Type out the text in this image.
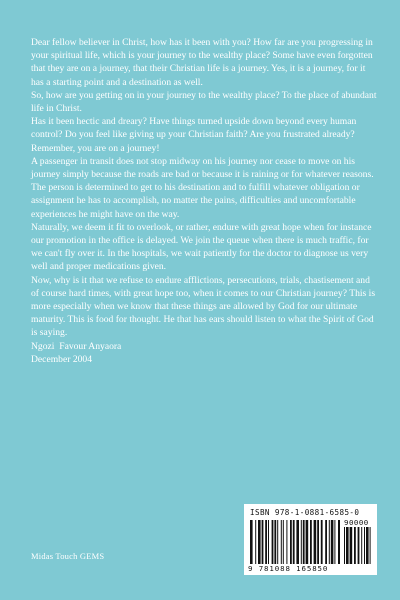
Dear fellow believer in Christ, how has it been with you? How far are you progressing in your spiritual life, which is your journey to the wealthy place? Some have even forgotten that they are on a journey, that their Christian life is a journey. Yes, it is a journey, for it has a starting point and a destination as well.

So, how are you getting on in your journey to the wealthy place? To the place of abundant life in Christ.

Has it been hectic and dreary? Have things turned upside down beyond every human control? Do you feel like giving up your Christian faith? Are you frustrated already? Remember, you are on a journey!

A passenger in transit does not stop midway on his journey nor cease to move on his journey simply because the roads are bad or because it is raining or for whatever reasons. The person is determined to get to his destination and to fulfill whatever obligation or assignment he has to accomplish, no matter the pains, difficulties and uncomfortable experiences he might have on the way.

Naturally, we deem it fit to overlook, or rather, endure with great hope when for instance our promotion in the office is delayed. We join the queue when there is much traffic, for we can't fly over it. In the hospitals, we wait patiently for the doctor to diagnose us very well and proper medications given.

Now, why is it that we refuse to endure afflictions, persecutions, trials, chastisement and of course hard times, with great hope too, when it comes to our Christian journey? This is more especially when we know that these things are allowed by God for our ultimate maturity. This is food for thought. He that has ears should listen to what the Spirit of God is saying.

Ngozi  Favour Anyaora

December 2004

Midas Touch GEMS
ISBN 978-1-0881-6585-0
90000
9 781088 165850
